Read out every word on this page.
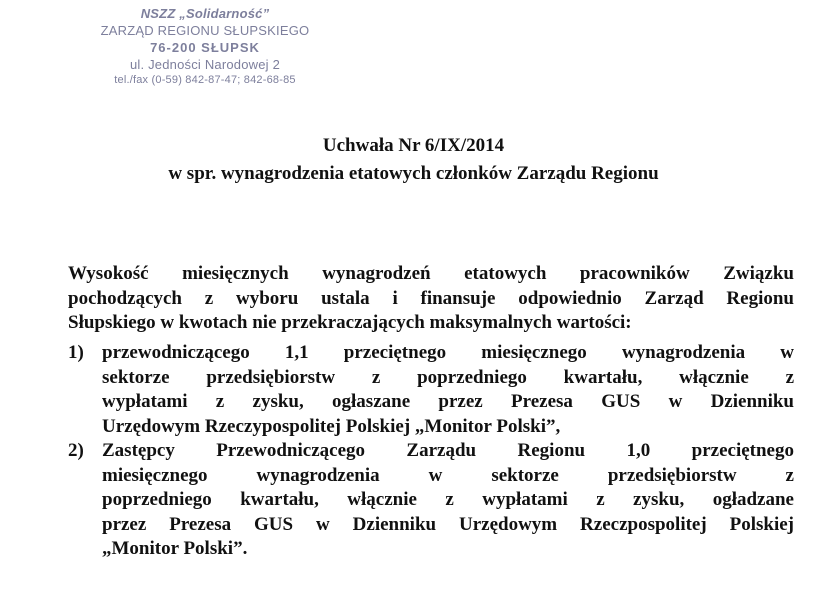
NSZZ „Solidarność”
ZARZĄD REGIONU SŁUPSKIEGO
76-200 SŁUPSK
ul. Jedności Narodowej 2
tel./fax (0-59) 842-87-47; 842-68-85
Uchwała Nr 6/IX/2014
w spr. wynagrodzenia etatowych członków Zarządu Regionu
Wysokość miesięcznych wynagrodzeń etatowych pracowników Związku
pochodzących z wyboru ustala i finansuje odpowiednio Zarząd Regionu
Słupskiego w kwotach nie przekraczających maksymalnych wartości:
1) przewodniczącego 1,1 przeciętnego miesięcznego wynagrodzenia w
sektorze przedsiębiorstw z poprzedniego kwartału, włącznie z
wypłatami z zysku, ogłaszane przez Prezesa GUS w Dzienniku
Urzędowym Rzeczypospolitej Polskiej „Monitor Polski”,
2) Zastępcy Przewodniczącego Zarządu Regionu 1,0 przeciętnego
miesięcznego wynagrodzenia w sektorze przedsiębiorstw z
poprzedniego kwartału, włącznie z wypłatami z zysku, ogładzane
przez Prezesa GUS w Dzienniku Urzędowym Rzeczpospolitej Polskiej
„Monitor Polski”.
